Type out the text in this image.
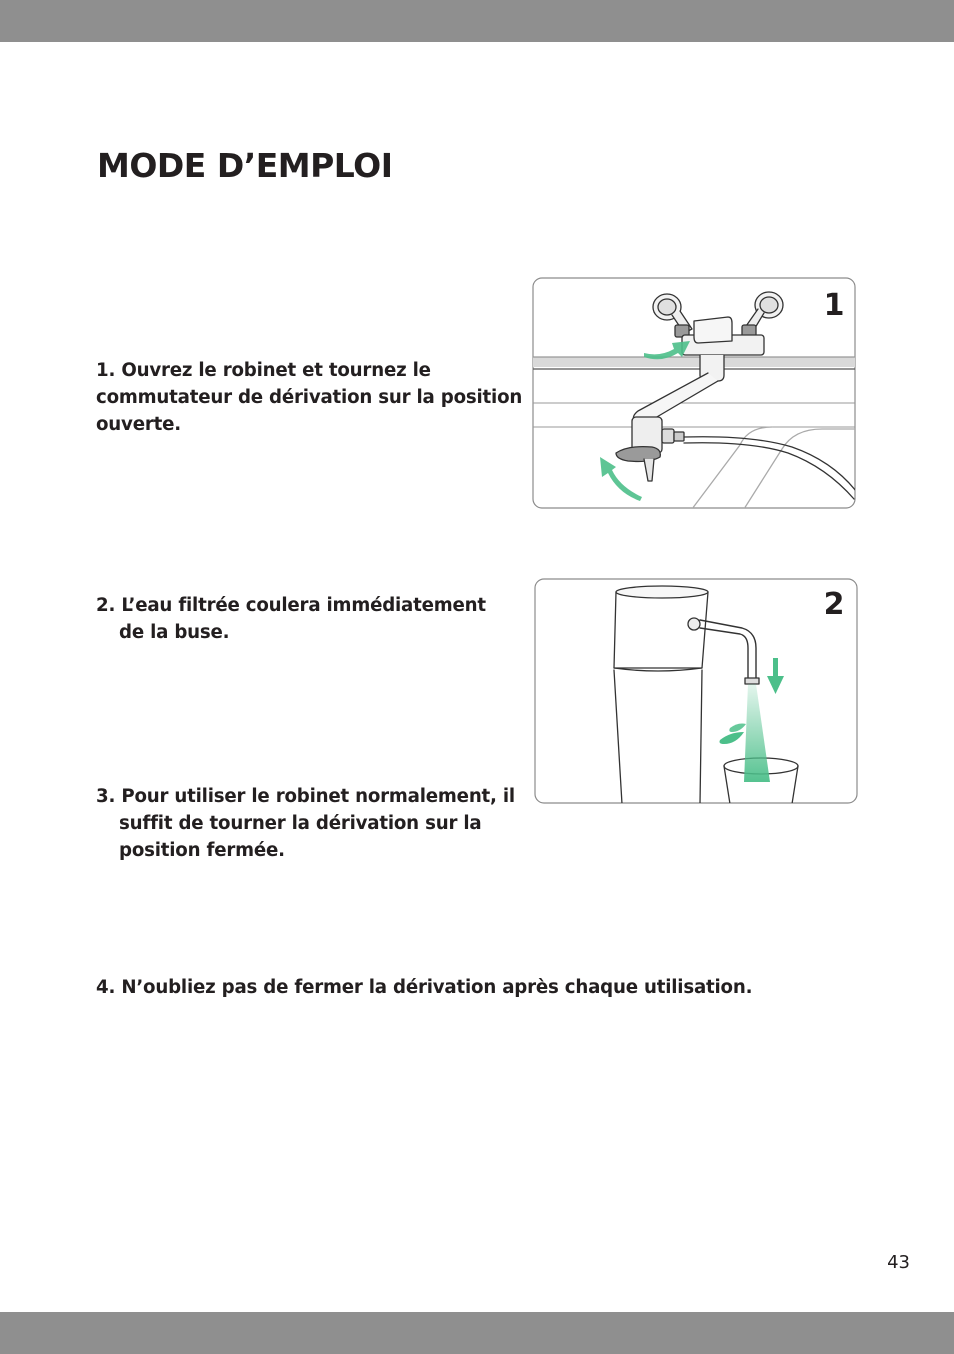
MODE D’EMPLOI
1. Ouvrez le robinet et tournez le
commutateur de dérivation sur la position
ouverte.
2. L’eau filtrée coulera immédiatement
de la buse.
3. Pour utiliser le robinet normalement, il
suffit de tourner la dérivation sur la
position fermée.
4. N’oubliez pas de fermer la dérivation après chaque utilisation.
1
2
43
